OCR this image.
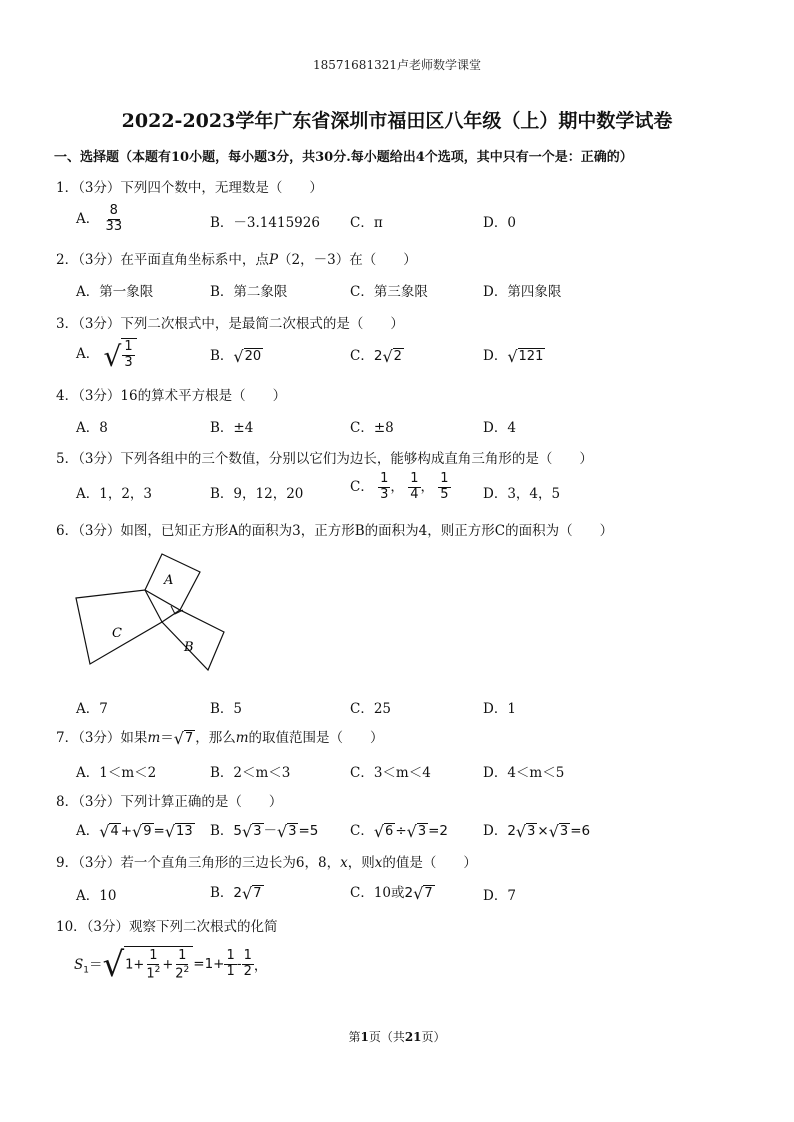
18571681321卢老师数学课堂
2022-2023学年广东省深圳市福田区八年级（上）期中数学试卷
一、选择题（本题有10小题，每小题3分，共30分.每小题给出4个选项，其中只有一个是：正确的）
1．（3分）下列四个数中，无理数是（　　）
A． $\frac{8}{33}$	B．－3.1415926 C．π	D．0
2．（3分）在平面直角坐标系中，点P（2，－3）在（　　）
A．第一象限	B．第二象限	C．第三象限	D．第四象限
3．（3分）下列二次根式中，是最简二次根式的是（　　）
A． √ $\frac{1}{3}$	B． √ 20	C．2 √ 2	D． √ 121
4．（3分）16的算术平方根是（　　）
A．8	B．±4	C．±8	D．4
5．（3分）下列各组中的三个数值，分别以它们为边长，能够构成直角三角形的是（　　）
A．1，2，3	B．9，12，20	C． $\frac{1}{3}$ ， $\frac{1}{4}$ ， $\frac{1}{5}$ D．3，4，5
6．（3分）如图，已知正方形A的面积为3，正方形B的面积为4，则正方形C的面积为（　　）
A
B
C
A．7	B．5	C．25	D．1
7．（3分）如果m＝ √ 7 ，那么m的取值范围是（　　）
A．1＜m＜2	B．2＜m＜3	C．3＜m＜4	D．4＜m＜5
8．（3分）下列计算正确的是（　　）
A． √ 4 + √ 9 = √ 13 B．5 √ 3 － √ 3 =5 C． √ 6 ÷ √ 3 =2	D．2 √ 3 × √ 3 =6
9．（3分）若一个直角三角形的三边长为6，8，x，则x的值是（　　）
A．10	B．2 √ 7	C．10或2 √ 7	D．7
10．（3分）观察下列二次根式的化简
$S_1=$ √ $1+ \frac{1}{1^2} + \frac{1}{2^2} =1+ \frac{1}{1} - \frac{1}{2}$ ，
第1页（共21页）
